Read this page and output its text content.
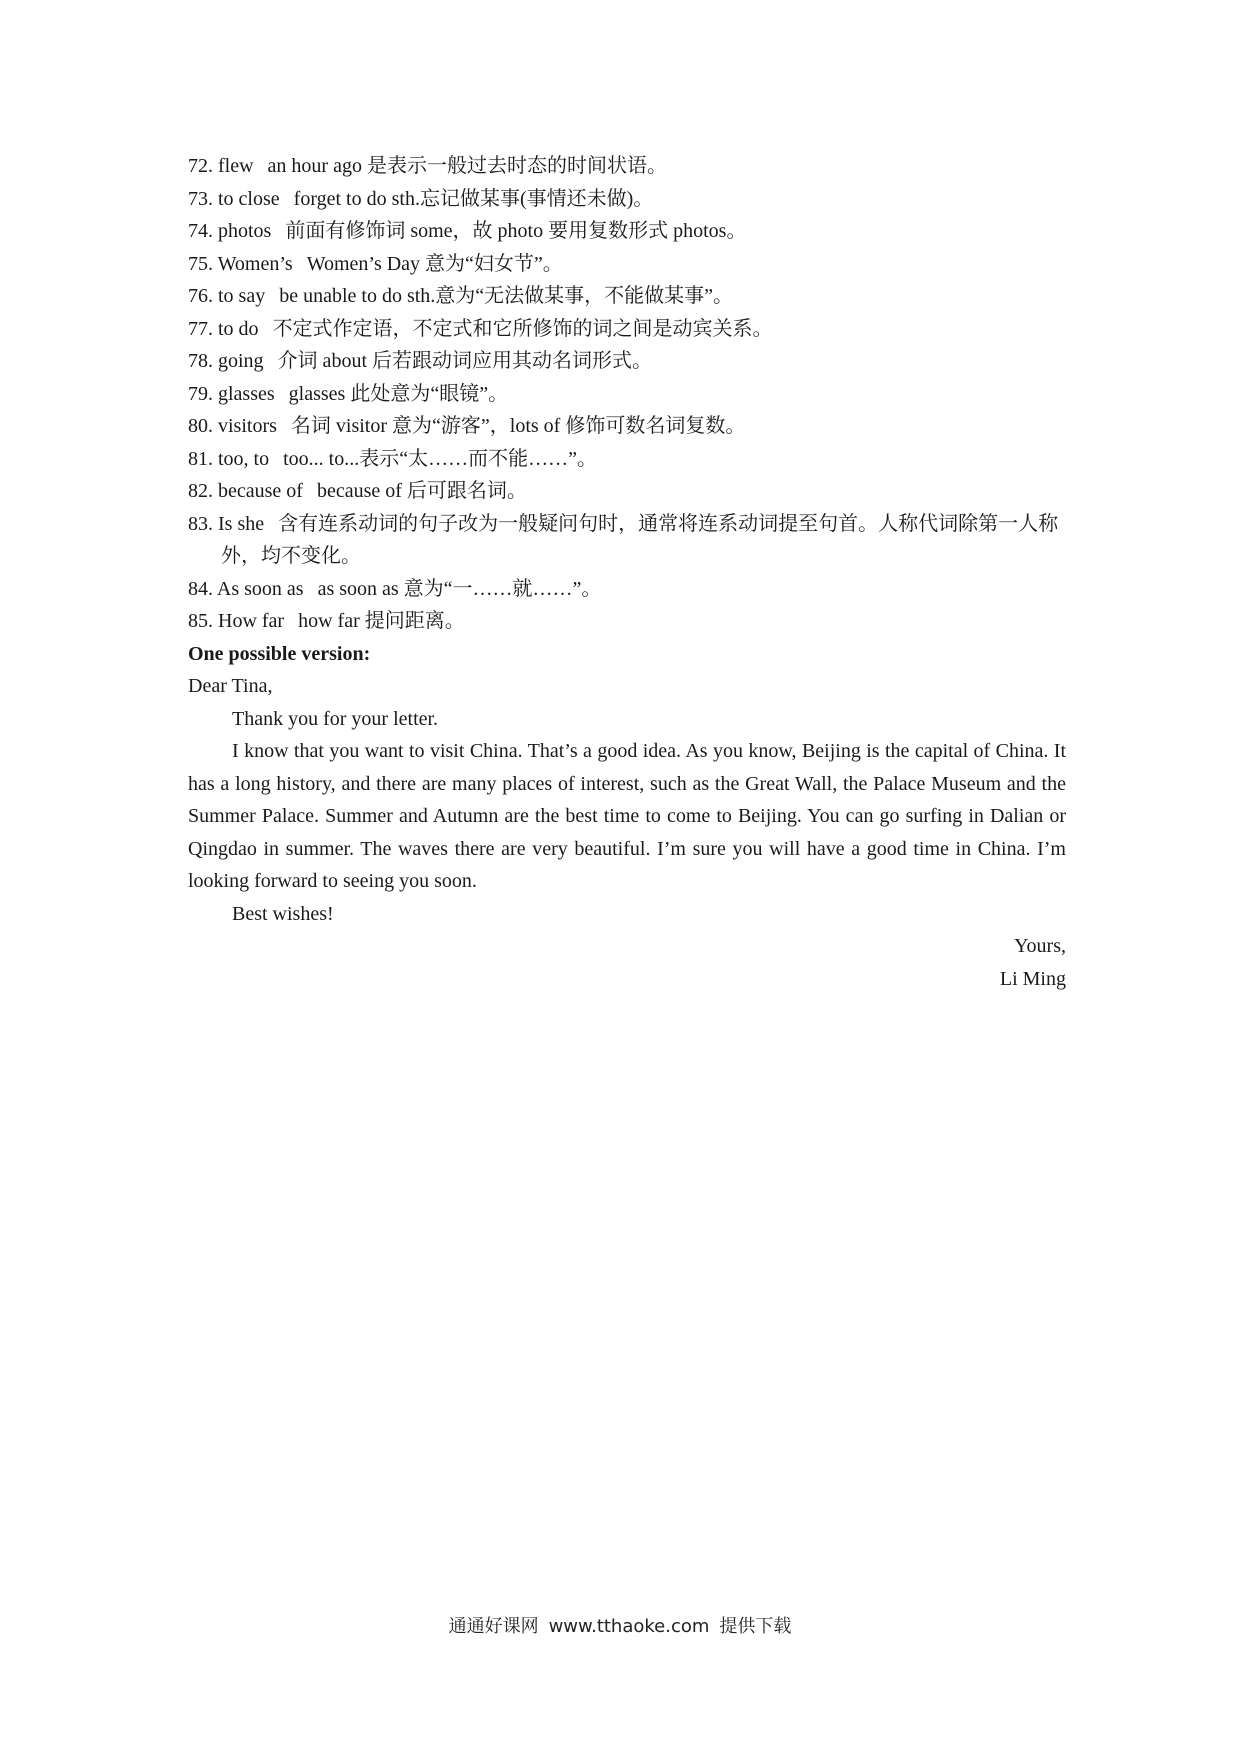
72. flew an hour ago 是表示一般过去时态的时间状语。
73. to close forget to do sth.忘记做某事(事情还未做)。
74. photos 前面有修饰词 some，故 photo 要用复数形式 photos。
75. Women’s Women’s Day 意为“妇女节”。
76. to say be unable to do sth.意为“无法做某事，不能做某事”。
77. to do 不定式作定语，不定式和它所修饰的词之间是动宾关系。
78. going 介词 about 后若跟动词应用其动名词形式。
79. glasses glasses 此处意为“眼镜”。
80. visitors 名词 visitor 意为“游客”，lots of 修饰可数名词复数。
81. too, to too... to...表示“太……而不能……”。
82. because of because of 后可跟名词。
83. Is she 含有连系动词的句子改为一般疑问句时，通常将连系动词提至句首。人称代词除第一人称外，均不变化。
84. As soon as as soon as 意为“一……就……”。
85. How far how far 提问距离。
One possible version:

Dear Tina,

Thank you for your letter.

I know that you want to visit China. That’s a good idea. As you know, Beijing is the capital of China. It has a long history, and there are many places of interest, such as the Great Wall, the Palace Museum and the Summer Palace. Summer and Autumn are the best time to come to Beijing. You can go surfing in Dalian or Qingdao in summer. The waves there are very beautiful. I’m sure you will have a good time in China. I’m looking forward to seeing you soon.

Best wishes!

Yours,

Li Ming

通通好课网 www.tthaoke.com 提供下载
